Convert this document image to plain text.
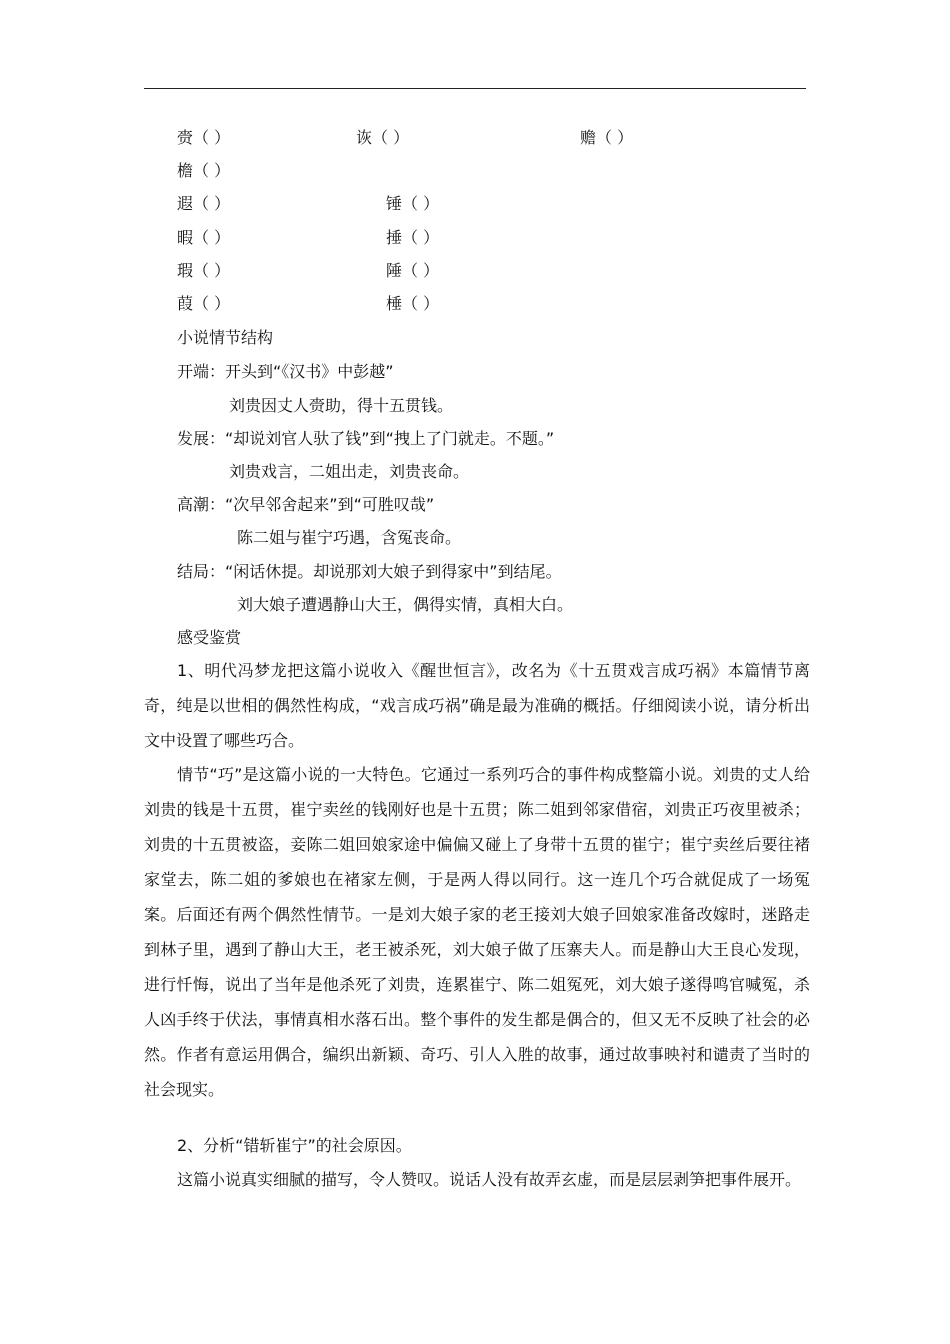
赍（ ）	诙（ ）	赡（ ）
檐（ ）
遐（ ）	锤（ ）
暇（ ）	捶（ ）
瑕（ ）	陲（ ）
葭（ ）	棰（ ）
小说情节结构
开端：开头到“《汉书》中彭越”
刘贵因丈人赍助，得十五贯钱。
发展：“却说刘官人驮了钱”到“拽上了门就走。不题。”
刘贵戏言，二姐出走，刘贵丧命。
高潮：“次早邻舍起来”到“可胜叹哉”
陈二姐与崔宁巧遇，含冤丧命。
结局：“闲话休提。却说那刘大娘子到得家中”到结尾。
刘大娘子遭遇静山大王，偶得实情，真相大白。
感受鉴赏
1、明代冯梦龙把这篇小说收入《醒世恒言》，改名为《十五贯戏言成巧祸》本篇情节离奇，纯是以世相的偶然性构成，“戏言成巧祸”确是最为准确的概括。仔细阅读小说，请分析出文中设置了哪些巧合。
情节“巧”是这篇小说的一大特色。它通过一系列巧合的事件构成整篇小说。刘贵的丈人给刘贵的钱是十五贯，崔宁卖丝的钱刚好也是十五贯；陈二姐到邻家借宿，刘贵正巧夜里被杀；刘贵的十五贯被盗，妾陈二姐回娘家途中偏偏又碰上了身带十五贯的崔宁；崔宁卖丝后要往褚家堂去，陈二姐的爹娘也在褚家左侧，于是两人得以同行。这一连几个巧合就促成了一场冤案。后面还有两个偶然性情节。一是刘大娘子家的老王接刘大娘子回娘家准备改嫁时，迷路走到林子里，遇到了静山大王，老王被杀死，刘大娘子做了压寨夫人。而是静山大王良心发现，进行忏悔，说出了当年是他杀死了刘贵，连累崔宁、陈二姐冤死，刘大娘子遂得鸣官喊冤，杀人凶手终于伏法，事情真相水落石出。整个事件的发生都是偶合的，但又无不反映了社会的必然。作者有意运用偶合，编织出新颖、奇巧、引人入胜的故事，通过故事映衬和谴责了当时的社会现实。
2、分析“错斩崔宁”的社会原因。
这篇小说真实细腻的描写，令人赞叹。说话人没有故弄玄虚，而是层层剥笋把事件展开。
